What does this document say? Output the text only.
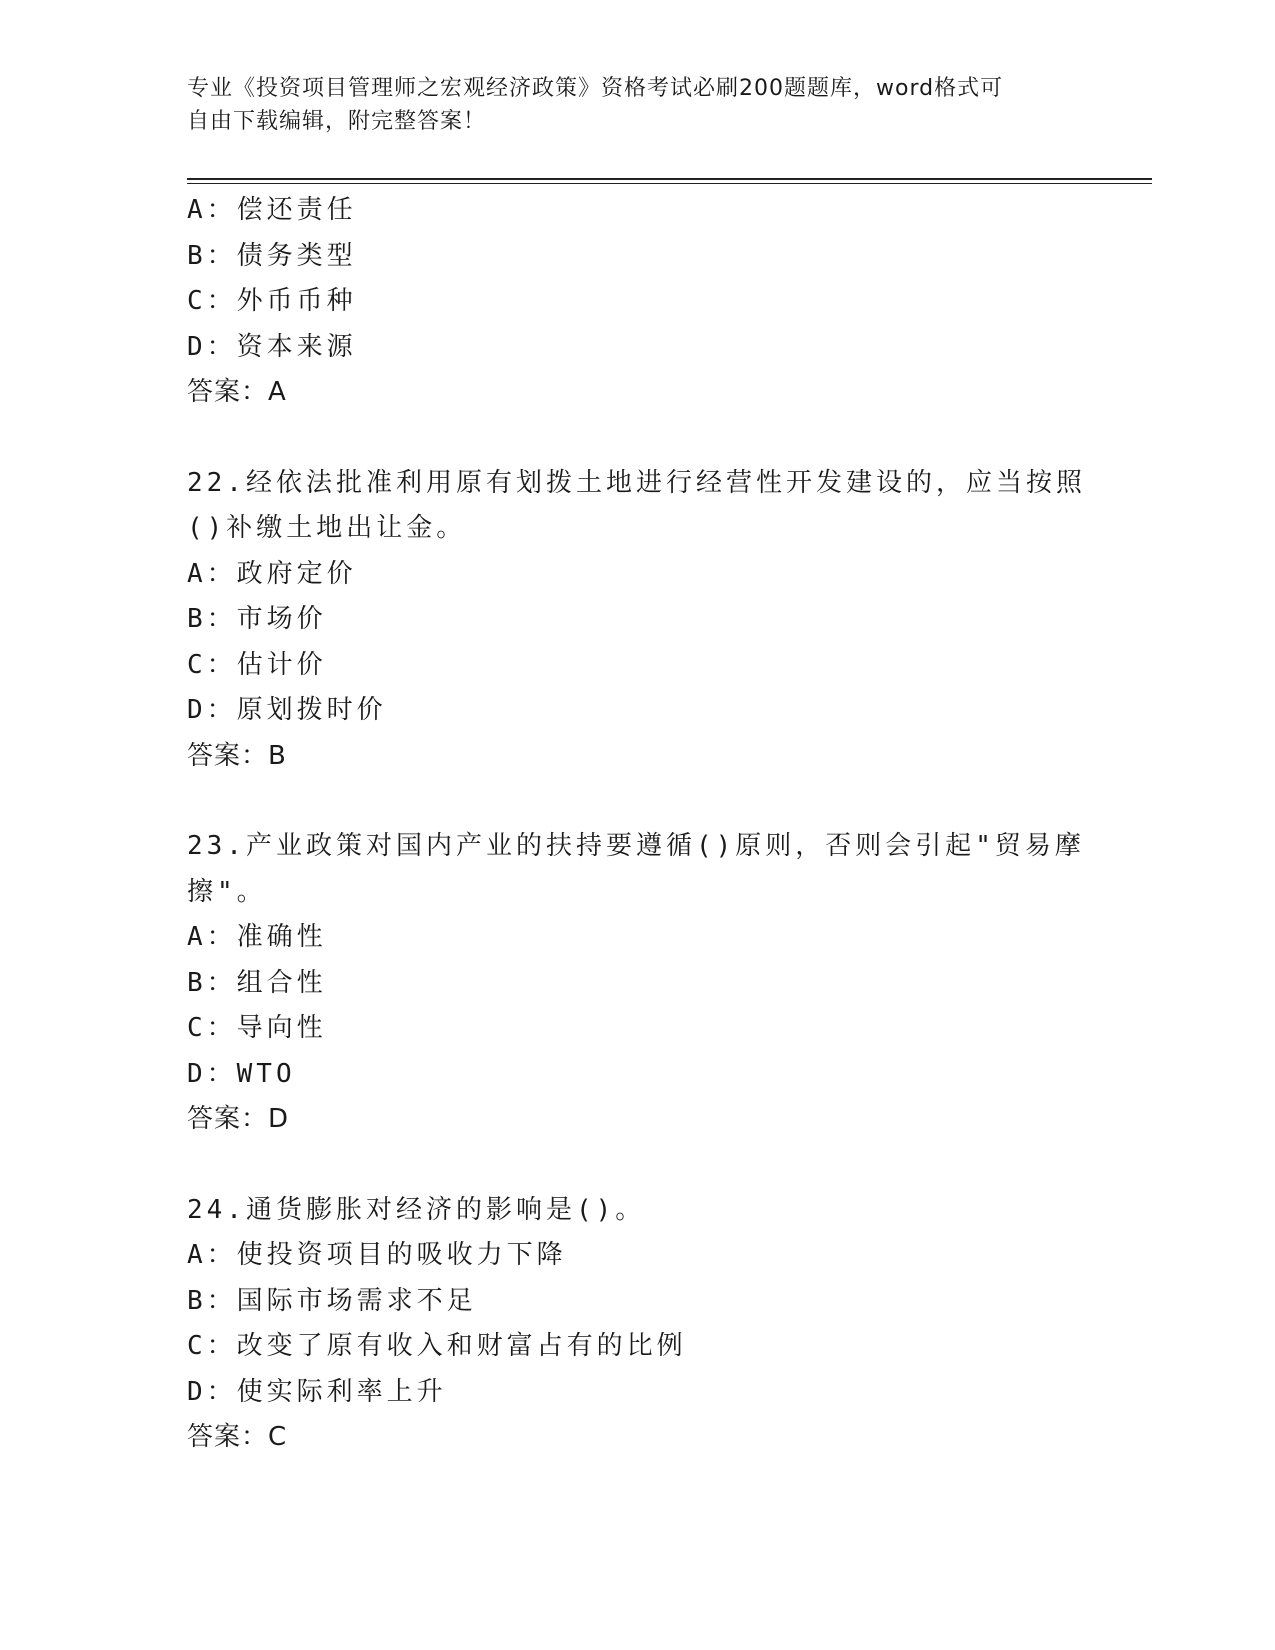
专业《投资项目管理师之宏观经济政策》资格考试必刷200题题库，word格式可
自由下载编辑，附完整答案！
A：偿还责任
B：债务类型
C：外币币种
D：资本来源
答案：A
22.经依法批准利用原有划拨土地进行经营性开发建设的，应当按照()补缴土地出让金。
A：政府定价
B：市场价
C：估计价
D：原划拨时价
答案：B
23.产业政策对国内产业的扶持要遵循()原则，否则会引起"贸易摩擦"。
A：准确性
B：组合性
C：导向性
D：WTO
答案：D
24.通货膨胀对经济的影响是()。
A：使投资项目的吸收力下降
B：国际市场需求不足
C：改变了原有收入和财富占有的比例
D：使实际利率上升
答案：C
